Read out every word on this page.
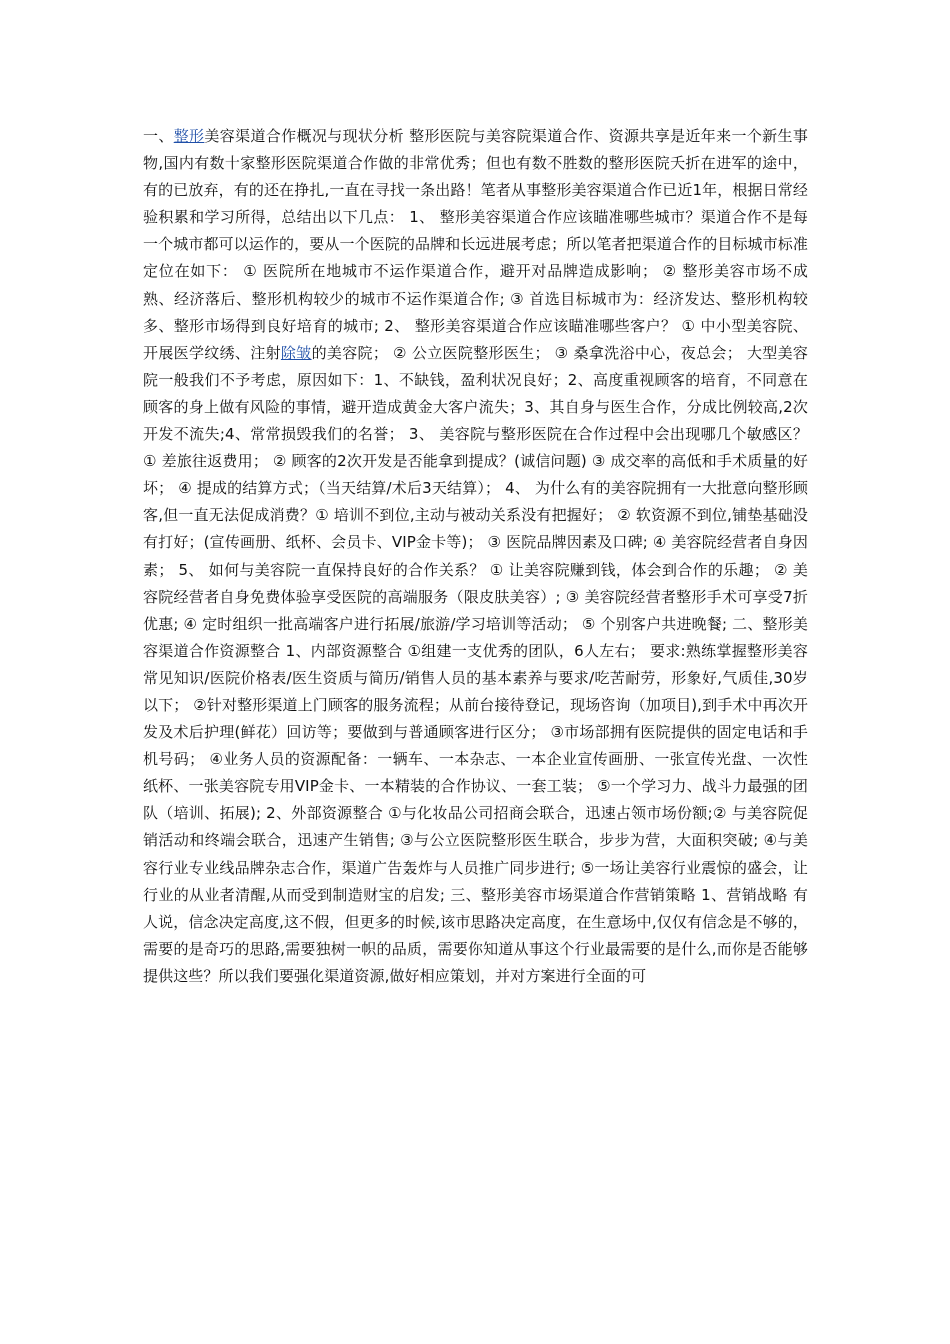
一、整形美容渠道合作概况与现状分析 整形医院与美容院渠道合作、资源共享是近年来一个新生事物,国内有数十家整形医院渠道合作做的非常优秀；但也有数不胜数的整形医院夭折在进军的途中，有的已放弃，有的还在挣扎,一直在寻找一条出路！笔者从事整形美容渠道合作已近1年，根据日常经验积累和学习所得，总结出以下几点： 1、 整形美容渠道合作应该瞄准哪些城市？渠道合作不是每一个城市都可以运作的，要从一个医院的品牌和长远进展考虑；所以笔者把渠道合作的目标城市标准定位在如下： ① 医院所在地城市不运作渠道合作，避开对品牌造成影响； ② 整形美容市场不成熟、经济落后、整形机构较少的城市不运作渠道合作; ③ 首选目标城市为：经济发达、整形机构较多、整形市场得到良好培育的城市; 2、 整形美容渠道合作应该瞄准哪些客户？ ① 中小型美容院、开展医学纹绣、注射除皱的美容院； ② 公立医院整形医生； ③ 桑拿洗浴中心，夜总会； 大型美容院一般我们不予考虑，原因如下：1、不缺钱，盈利状况良好；2、高度重视顾客的培育，不同意在顾客的身上做有风险的事情，避开造成黄金大客户流失；3、其自身与医生合作，分成比例较高,2次开发不流失;4、常常损毁我们的名誉； 3、 美容院与整形医院在合作过程中会出现哪几个敏感区？ ① 差旅往返费用； ② 顾客的2次开发是否能拿到提成？(诚信问题) ③ 成交率的高低和手术质量的好坏； ④ 提成的结算方式；（当天结算/术后3天结算）； 4、 为什么有的美容院拥有一大批意向整形顾客,但一直无法促成消费？① 培训不到位,主动与被动关系没有把握好； ② 软资源不到位,铺垫基础没有打好；(宣传画册、纸杯、会员卡、VIP金卡等)； ③ 医院品牌因素及口碑; ④ 美容院经营者自身因素； 5、 如何与美容院一直保持良好的合作关系？ ① 让美容院赚到钱，体会到合作的乐趣； ② 美容院经营者自身免费体验享受医院的高端服务（限皮肤美容）; ③ 美容院经营者整形手术可享受7折优惠; ④ 定时组织一批高端客户进行拓展/旅游/学习培训等活动； ⑤ 个别客户共进晚餐; 二、整形美容渠道合作资源整合 1、内部资源整合 ①组建一支优秀的团队，6人左右； 要求:熟练掌握整形美容常见知识/医院价格表/医生资质与简历/销售人员的基本素养与要求/吃苦耐劳，形象好,气质佳,30岁以下； ②针对整形渠道上门顾客的服务流程；从前台接待登记，现场咨询（加项目),到手术中再次开发及术后护理(鲜花）回访等；要做到与普通顾客进行区分； ③市场部拥有医院提供的固定电话和手机号码； ④业务人员的资源配备：一辆车、一本杂志、一本企业宣传画册、一张宣传光盘、一次性纸杯、一张美容院专用VIP金卡、一本精装的合作协议、一套工装； ⑤一个学习力、战斗力最强的团队（培训、拓展); 2、外部资源整合 ①与化妆品公司招商会联合，迅速占领市场份额;② 与美容院促销活动和终端会联合，迅速产生销售; ③与公立医院整形医生联合，步步为营，大面积突破; ④与美容行业专业线品牌杂志合作，渠道广告轰炸与人员推广同步进行; ⑤一场让美容行业震惊的盛会，让行业的从业者清醒,从而受到制造财宝的启发; 三、整形美容市场渠道合作营销策略 1、营销战略 有人说，信念决定高度,这不假，但更多的时候,该市思路决定高度，在生意场中,仅仅有信念是不够的，需要的是奇巧的思路,需要独树一帜的品质，需要你知道从事这个行业最需要的是什么,而你是否能够提供这些？所以我们要强化渠道资源,做好相应策划，并对方案进行全面的可
